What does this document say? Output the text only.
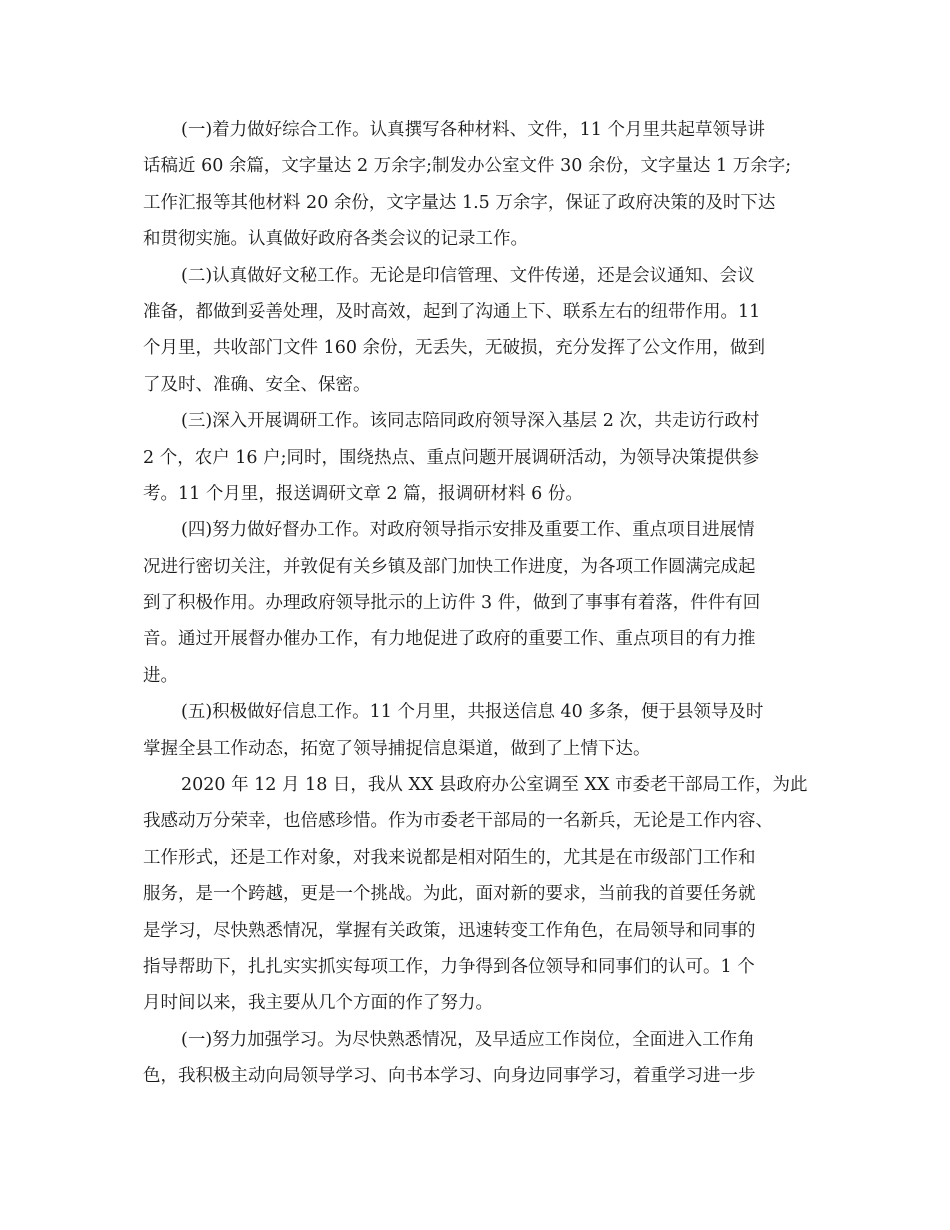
(一)着力做好综合工作。认真撰写各种材料、文件，11 个月里共起草领导讲
话稿近 60 余篇，文字量达 2 万余字;制发办公室文件 30 余份，文字量达 1 万余字;
工作汇报等其他材料 20 余份，文字量达 1.5 万余字，保证了政府决策的及时下达
和贯彻实施。认真做好政府各类会议的记录工作。
(二)认真做好文秘工作。无论是印信管理、文件传递，还是会议通知、会议
准备，都做到妥善处理，及时高效，起到了沟通上下、联系左右的纽带作用。11
个月里，共收部门文件 160 余份，无丢失，无破损，充分发挥了公文作用，做到
了及时、准确、安全、保密。
(三)深入开展调研工作。该同志陪同政府领导深入基层 2 次，共走访行政村
2 个，农户 16 户;同时，围绕热点、重点问题开展调研活动，为领导决策提供参
考。11 个月里，报送调研文章 2 篇，报调研材料 6 份。
(四)努力做好督办工作。对政府领导指示安排及重要工作、重点项目进展情
况进行密切关注，并敦促有关乡镇及部门加快工作进度，为各项工作圆满完成起
到了积极作用。办理政府领导批示的上访件 3 件，做到了事事有着落，件件有回
音。通过开展督办催办工作，有力地促进了政府的重要工作、重点项目的有力推
进。
(五)积极做好信息工作。11 个月里，共报送信息 40 多条，便于县领导及时
掌握全县工作动态，拓宽了领导捕捉信息渠道，做到了上情下达。
2020 年 12 月 18 日，我从 XX 县政府办公室调至 XX 市委老干部局工作，为此
我感动万分荣幸，也倍感珍惜。作为市委老干部局的一名新兵，无论是工作内容、
工作形式，还是工作对象，对我来说都是相对陌生的，尤其是在市级部门工作和
服务，是一个跨越，更是一个挑战。为此，面对新的要求，当前我的首要任务就
是学习，尽快熟悉情况，掌握有关政策，迅速转变工作角色，在局领导和同事的
指导帮助下，扎扎实实抓实每项工作，力争得到各位领导和同事们的认可。1 个
月时间以来，我主要从几个方面的作了努力。
(一)努力加强学习。为尽快熟悉情况，及早适应工作岗位，全面进入工作角
色，我积极主动向局领导学习、向书本学习、向身边同事学习，着重学习进一步
